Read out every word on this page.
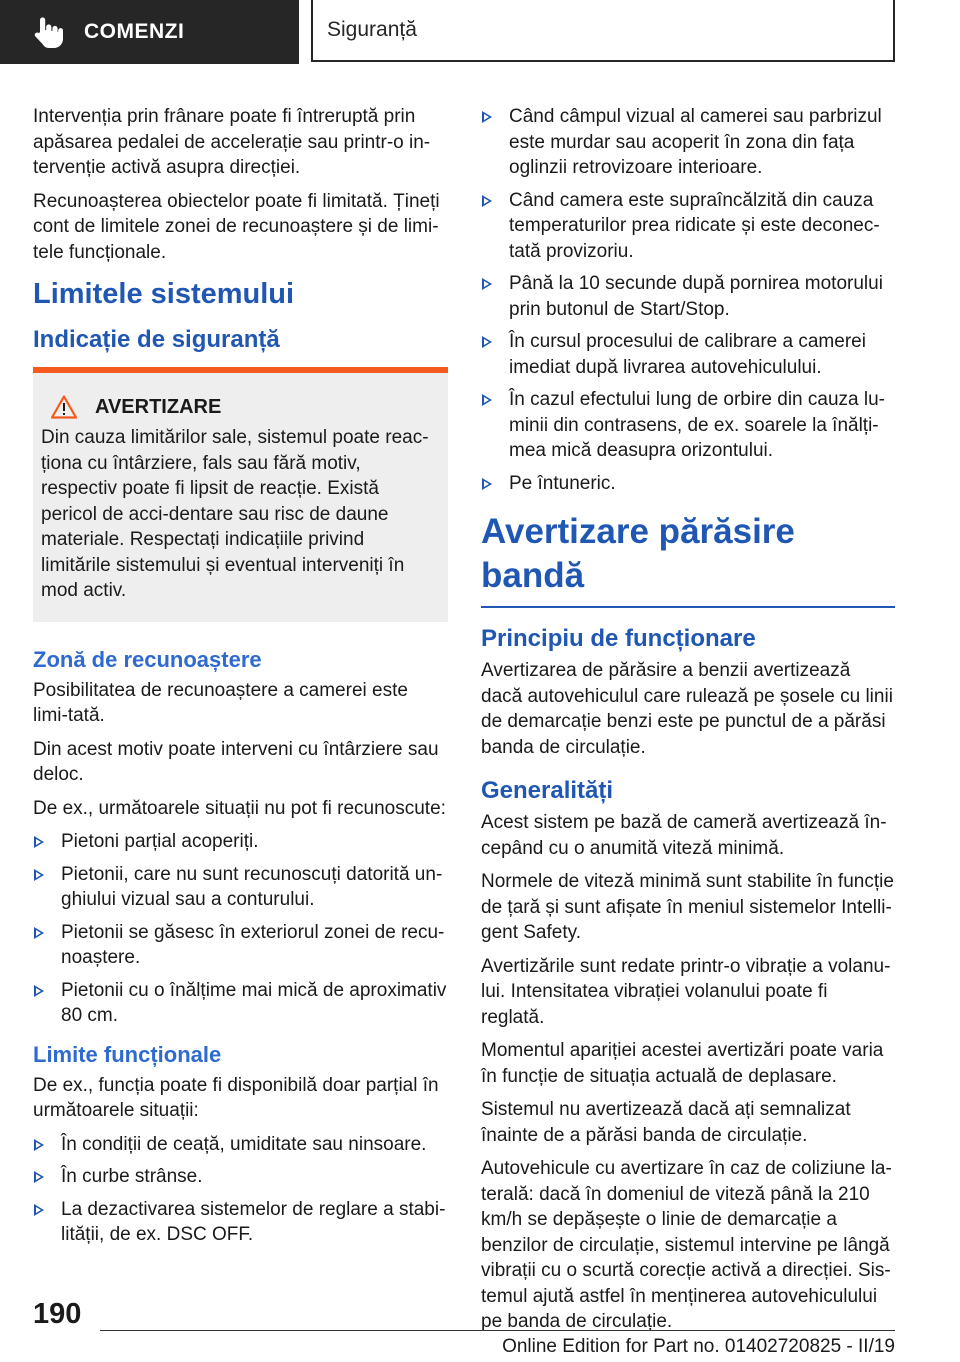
COMENZI	Siguranță

Intervenția prin frânare poate fi întreruptă prin apăsarea pedalei de accelerație sau printr-o in-tervenție activă asupra direcției.

Recunoașterea obiectelor poate fi limitată. Țineți cont de limitele zonei de recunoaștere și de limi-tele funcționale.

Limitele sistemului
Indicație de siguranță
AVERTIZARE

Din cauza limitărilor sale, sistemul poate reac-ționa cu întârziere, fals sau fără motiv, respectiv poate fi lipsit de reacție. Există pericol de acci-dentare sau risc de daune materiale. Respectați indicațiile privind limitările sistemului și eventual interveniți în mod activ.

Zonă de recunoaștere

Posibilitatea de recunoaștere a camerei este limi-tată.

Din acest motiv poate interveni cu întârziere sau deloc.

De ex., următoarele situații nu pot fi recunoscute:

Pietoni parțial acoperiți.
Pietonii, care nu sunt recunoscuți datorită un-ghiului vizual sau a conturului.
Pietonii se găsesc în exteriorul zonei de recu-noaștere.
Pietonii cu o înălțime mai mică de aproximativ 80 cm.
Limite funcționale

De ex., funcția poate fi disponibilă doar parțial în următoarele situații:

În condiții de ceață, umiditate sau ninsoare.
În curbe strânse.
La dezactivarea sistemelor de reglare a stabi-lității, de ex. DSC OFF.
Când câmpul vizual al camerei sau parbrizul este murdar sau acoperit în zona din fața oglinzii retrovizoare interioare.
Când camera este supraîncălzită din cauza temperaturilor prea ridicate și este deconec-tată provizoriu.
Până la 10 secunde după pornirea motorului prin butonul de Start/Stop.
În cursul procesului de calibrare a camerei imediat după livrarea autovehiculului.
În cazul efectului lung de orbire din cauza lu-minii din contrasens, de ex. soarele la înălți-mea mică deasupra orizontului.
Pe întuneric.
Avertizare părăsire bandă
Principiu de funcționare

Avertizarea de părăsire a benzii avertizează dacă autovehiculul care rulează pe șosele cu linii de demarcație benzi este pe punctul de a părăsi banda de circulație.

Generalități

Acest sistem pe bază de cameră avertizează în-cepând cu o anumită viteză minimă.

Normele de viteză minimă sunt stabilite în funcție de țară și sunt afișate în meniul sistemelor Intelli-gent Safety.

Avertizările sunt redate printr-o vibrație a volanu-lui. Intensitatea vibrației volanului poate fi reglată.

Momentul apariției acestei avertizări poate varia în funcție de situația actuală de deplasare.

Sistemul nu avertizează dacă ați semnalizat înainte de a părăsi banda de circulație.

Autovehicule cu avertizare în caz de coliziune la-terală: dacă în domeniul de viteză până la 210 km/h se depășește o linie de demarcație a benzilor de circulație, sistemul intervine pe lângă vibrații cu o scurtă corecție activă a direcției. Sis-temul ajută astfel în menținerea autovehiculului pe banda de circulație.

190
Online Edition for Part no. 01402720825 - II/19
